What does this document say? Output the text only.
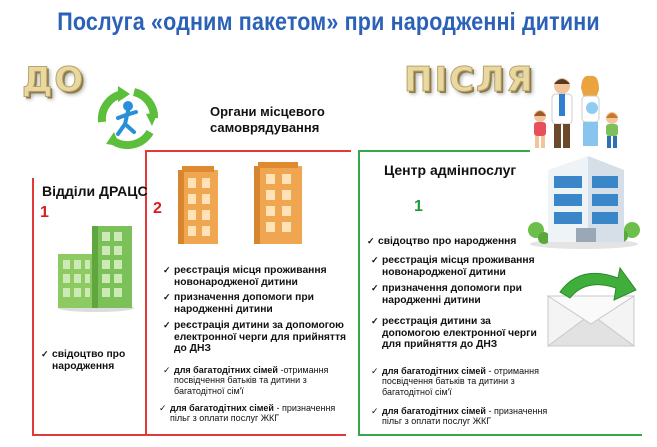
Послуга «одним пакетом» при народженні дитини
ДО	ПІСЛЯ
Органи місцевого самоврядування
Відділи ДРАЦС
1	2
✓ свідоцтво про народження
✓ реєстрація місця проживання новонародженої дитини
✓ призначення допомоги при народженні дитини
✓ реєстрація дитини за допомогою електронної черги для прийняття до ДНЗ
✓ для багатодітних сімей -отримання посвідчення батьків та дитини з багатодітної сім'ї
✓ для багатодітних сімей - призначення пільг з оплати послуг ЖКГ
Центр адмінпослуг
1
✓ свідоцтво про народження
✓ реєстрація місця проживання новонародженої дитини
✓ призначення допомоги при народженні дитини
✓ реєстрація дитини за допомогою електронної черги для прийняття до ДНЗ
✓ для багатодітних сімей - отримання посвідчення батьків та дитини з багатодітної сім'ї
✓ для багатодітних сімей - призначення пільг з оплати послуг ЖКГ
